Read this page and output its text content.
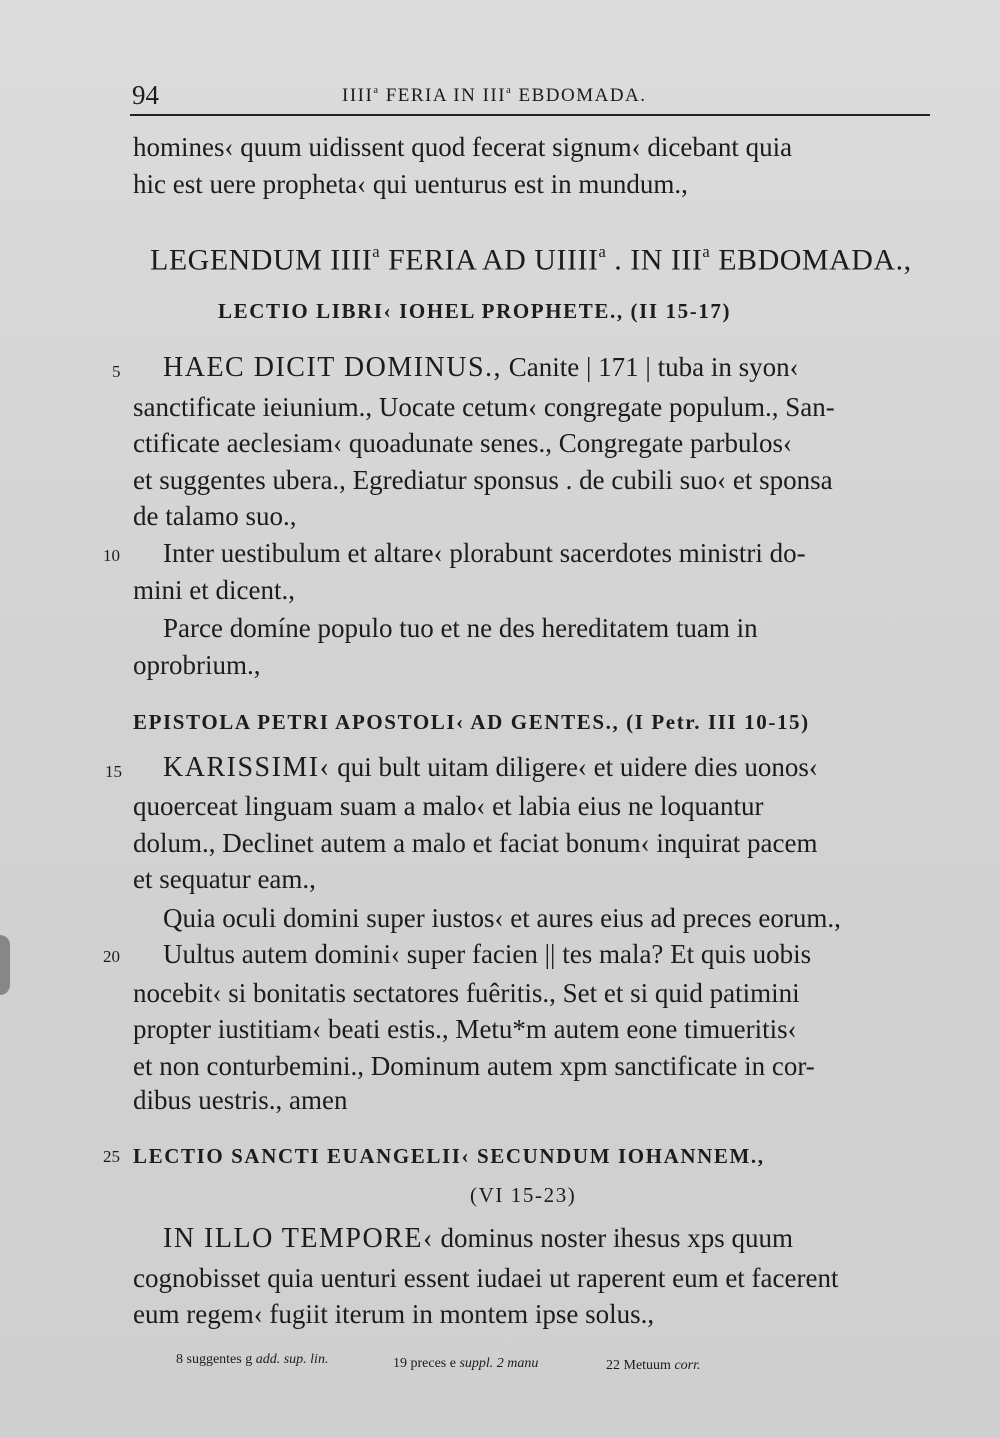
94	IIII$^a$ FERIA IN III$^a$ EBDOMADA.
homines‹ quum uidissent quod fecerat signum‹ dicebant quia
hic est uere propheta‹ qui uenturus est in mundum.,
LEGENDUM IIII$^a$ FERIA AD UIIII$^a$ . IN III$^a$ EBDOMADA.,
LECTIO LIBRI‹ IOHEL PROPHETE., (II 15-17)
5 HAEC DICIT DOMINUS., Canite | 171 | tuba in syon‹
sanctificate ieiunium., Uocate cetum‹ congregate populum., San-
ctificate aeclesiam‹ quoadunate senes., Congregate parbulos‹
et suggentes ubera., Egrediatur sponsus . de cubili suo‹ et sponsa
de talamo suo.,
10 Inter uestibulum et altare‹ plorabunt sacerdotes ministri do-
mini et dicent.,
Parce domíne populo tuo et ne des hereditatem tuam in
oprobrium.,
EPISTOLA PETRI APOSTOLI‹ AD GENTES., (I Petr. III 10-15)
15 KARISSIMI‹ qui bult uitam diligere‹ et uidere dies uonos‹
quoerceat linguam suam a malo‹ et labia eius ne loquantur
dolum., Declinet autem a malo et faciat bonum‹ inquirat pacem
et sequatur eam.,
Quia oculi domini super iustos‹ et aures eius ad preces eorum.,
20 Uultus autem domini‹ super facien || tes mala? Et quis uobis
nocebit‹ si bonitatis sectatores fuêritis., Set et si quid patimini
propter iustitiam‹ beati estis., Metu*m autem eone timueritis‹
et non conturbemini., Dominum autem xpm sanctificate in cor-
dibus uestris., amen
25 LECTIO SANCTI EUANGELII‹ SECUNDUM IOHANNEM.,
(VI 15-23)
IN ILLO TEMPORE‹ dominus noster ihesus xps quum
cognobisset quia uenturi essent iudaei ut raperent eum et facerent
eum regem‹ fugiit iterum in montem ipse solus.,
8 suggentes g add. sup. lin.	19 preces e suppl. 2 manu	22 Metuum corr.
